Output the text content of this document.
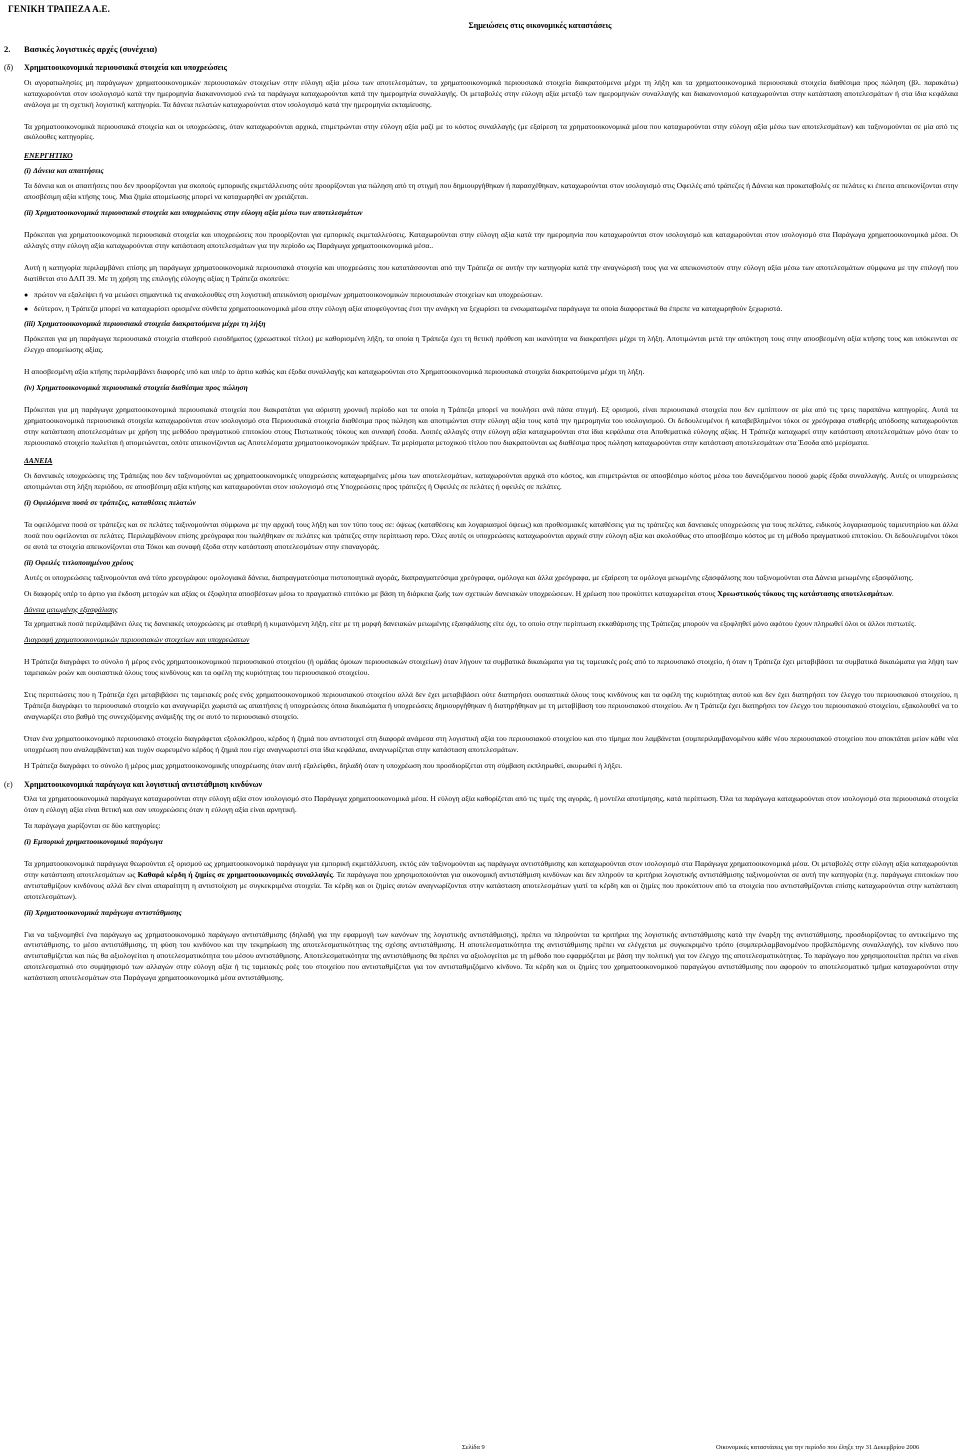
ΓΕΝΙΚΗ ΤΡΑΠΕΖΑ Α.Ε.
Σημειώσεις στις οικονομικές καταστάσεις
2. Βασικές λογιστικές αρχές (συνέχεια)
(δ) Χρηματοοικονομικά περιουσιακά στοιχεία και υποχρεώσεις
Οι αγοραπωλησίες μη παράγωγων χρηματοοικονομικών περιουσιακών στοιχείων στην εύλογη αξία μέσω των αποτελεσμάτων, τα χρηματοοικονομικά περιουσιακά στοιχεία διακρατούμενα μέχρι τη λήξη και τα χρηματοοικονομικά περιουσιακά στοιχεία διαθέσιμα προς πώληση (βλ. παρακάτω) καταχωρούνται στον ισολογισμό κατά την ημερομηνία διακανονισμού ενώ τα παράγωγα καταχωρούνται κατά την ημερομηνία συναλλαγής. Οι μεταβολές στην εύλογη αξία μεταξύ των ημερομηνιών συναλλαγής και διακανονισμού καταχωρούνται στην κατάσταση αποτελεσμάτων ή στα ίδια κεφάλαια ανάλογα με τη σχετική λογιστική κατηγορία. Τα δάνεια πελατών καταχωρούνται στον ισολογισμό κατά την ημερομηνία εκταμίευσης.
Τα χρηματοοικονομικά περιουσιακά στοιχεία και οι υποχρεώσεις, όταν καταχωρούνται αρχικά, επιμετρώνται στην εύλογη αξία μαζί με το κόστος συναλλαγής (με εξαίρεση τα χρηματοοικονομικά μέσα που καταχωρούνται στην εύλογη αξία μέσω των αποτελεσμάτων) και ταξινομούνται σε μία από τις ακόλουθες κατηγορίες.
ΕΝΕΡΓΗΤΙΚΟ
(i) Δάνεια και απαιτήσεις
Τα δάνεια και οι απαιτήσεις που δεν προορίζονται για σκοπούς εμπορικής εκμετάλλευσης ούτε προορίζονται για πώληση από τη στιγμή που δημιουργήθηκαν ή παρασχέθηκαν, καταχωρούνται στον ισολογισμό στις Οφειλές από τράπεζες ή Δάνεια και προκαταβολές σε πελάτες κι έπειτα απεικονίζονται στην αποσβέσιμη αξία κτήσης τους. Μια ζημία απομείωσης μπορεί να καταχωρηθεί αν χρειάζεται.
(ii) Χρηματοοικονομικά περιουσιακά στοιχεία και υποχρεώσεις στην εύλογη αξία μέσω των αποτελεσμάτων
Πρόκειται για χρηματοοικονομικά περιουσιακά στοιχεία και υποχρεώσεις που προορίζονται για εμπορικές εκμεταλλεύσεις. Καταχωρούνται στην εύλογη αξία κατά την ημερομηνία που καταχωρούνται στον ισολογισμό και καταχωρούνται στον ισολογισμό στα Παράγωγα χρηματοοικονομικά μέσα. Οι αλλαγές στην εύλογη αξία καταχωρούνται στην κατάσταση αποτελεσμάτων για την περίοδο ως Παράγωγα χρηματοοικονομικά μέσα..
Αυτή η κατηγορία περιλαμβάνει επίσης μη παράγωγα χρηματοοικονομικά περιουσιακά στοιχεία και υποχρεώσεις που κατατάσσονται από την Τράπεζα σε αυτήν την κατηγορία κατά την αναγνώρισή τους για να απεικονιστούν στην εύλογη αξία μέσω των αποτελεσμάτων σύμφωνα με την επιλογή που διατίθεται στο ΔΛΠ 39. Με τη χρήση της επιλογής εύλογης αξίας η Τράπεζα σκοπεύει:
● πρώτον να εξαλείψει ή να μειώσει σημαντικά τις ανακολουθίες στη λογιστική απεικόνιση ορισμένων χρηματοοικονομικών περιουσιακών στοιχείων και υποχρεώσεων.
● δεύτερον, η Τράπεζα μπορεί να καταχωρίσει ορισμένα σύνθετα χρηματοοικονομικά μέσα στην εύλογη αξία αποφεύγοντας έτσι την ανάγκη να ξεχωρίσει τα ενσωματωμένα παράγωγα τα οποία διαφορετικά θα έπρεπε να καταχωρηθούν ξεχωριστά.
(iii) Χρηματοοικονομικά περιουσιακά στοιχεία διακρατούμενα μέχρι τη λήξη
Πρόκειται για μη παράγωγα περιουσιακά στοιχεία σταθερού εισοδήματος (χρεωστικοί τίτλοι) με καθορισμένη λήξη, τα οποία η Τράπεζα έχει τη θετική πρόθεση και ικανότητα να διακρατήσει μέχρι τη λήξη. Αποτιμώνται μετά την απόκτηση τους στην αποσβεσμένη αξία κτήσης τους και υπόκεινται σε έλεγχο απομείωσης αξίας.
Η αποσβεσμένη αξία κτήσης περιλαμβάνει διαφορές υπό και υπέρ το άρτιο καθώς και έξοδα συναλλαγής και καταχωρούνται στο Χρηματοοικονομικά περιουσιακά στοιχεία διακρατούμενα μέχρι τη λήξη.
(iv) Χρηματοοικονομικά περιουσιακά στοιχεία διαθέσιμα προς πώληση
Πρόκειται για μη παράγωγα χρηματοοικονομικά περιουσιακά στοιχεία που διακρατάται για αόριστη χρονική περίοδο και τα οποία η Τράπεζα μπορεί να πουλήσει ανά πάσα στιγμή. Εξ ορισμού, είναι περιουσιακά στοιχεία που δεν εμπίπτουν σε μία από τις τρεις παραπάνω κατηγορίες. Αυτά τα χρηματοοικονομικά περιουσιακά στοιχεία καταχωρούνται στον ισολογισμό στα Περιουσιακά στοιχεία διαθέσιμα προς πώληση και αποτιμώνται στην εύλογη αξία τους κατά την ημερομηνία του ισολογισμού. Οι δεδουλευμένοι ή καταβεβλημένοι τόκοι σε χρεόγραφα σταθερής απόδοσης καταχωρούνται στην κατάσταση αποτελεσμάτων με χρήση της μεθόδου πραγματικού επιτοκίου στους Πιστωτικούς τόκους και συναφή έσοδα. Λοιπές αλλαγές στην εύλογη αξία καταχωρούνται στα ίδια κεφάλαια στα Αποθεματικά εύλογης αξίας. Η Τράπεζα καταχωρεί στην κατάσταση αποτελεσμάτων μόνο όταν το περιουσιακό στοιχείο πωλείται ή απομειώνεται, οπότε απεικονίζονται ως Αποτελέσματα χρηματοοικονομικών πράξεων. Τα μερίσματα μετοχικού τίτλου που διακρατούνται ως διαθέσιμα προς πώληση καταχωρούνται στην κατάσταση αποτελεσμάτων στα Έσοδα από μερίσματα.
ΔΑΝΕΙΑ
Οι δανειακές υποχρεώσεις της Τράπεζας που δεν ταξινομούνται ως χρηματοοικονομικές υποχρεώσεις καταχωρημένες μέσω των αποτελεσμάτων, καταχωρούνται αρχικά στο κόστος, και επιμετρώνται σε αποσβέσιμο κόστος μέσω του δανειζόμενου ποσού χωρίς έξοδα συναλλαγής. Αυτές οι υποχρεώσεις αποτιμώνται στη λήξη περιόδου, σε αποσβέσιμη αξία κτήσης και καταχωρούνται στον ισολογισμό στις Υποχρεώσεις προς τράπεζες ή Οφειλές σε πελάτες ή οφειλές σε πελάτες.
(i) Οφειλόμενα ποσά σε τράπεζες, καταθέσεις πελατών
Τα οφειλόμενα ποσά σε τράπεζες και σε πελάτες ταξινομούνται σύμφωνα με την αρχική τους λήξη και τον τύπο τους σε: όψεως (καταθέσεις και λογαριασμοί όψεως) και προθεσμιακές καταθέσεις για τις τράπεζες και δανειακές υποχρεώσεις για τους πελάτες, ειδικούς λογαριασμούς ταμιευτηρίου και άλλα ποσά που οφείλονται σε πελάτες. Περιλαμβάνουν επίσης χρεόγραφα που πωλήθηκαν σε πελάτες και τράπεζες στην περίπτωση repo. Όλες αυτές οι υποχρεώσεις καταχωρούνται αρχικά στην εύλογη αξία και ακολούθως στο αποσβέσιμο κόστος με τη μέθοδο πραγματικού επιτοκίου. Οι δεδουλευμένοι τόκοι σε αυτά τα στοιχεία απεικονίζονται στα Τόκοι και συναφή έξοδα στην κατάσταση αποτελεσμάτων στην επαναγοράς.
(ii) Οφειλές τιτλοποιημένου χρέους
Αυτές οι υποχρεώσεις ταξινομούνται ανά τύπο χρεογράφου: ομολογιακά δάνεια, διαπραγματεύσιμα πιστοποιητικά αγοράς, διαπραγματεύσιμα χρεόγραφα, ομόλογα και άλλα χρεόγραφα, με εξαίρεση τα ομόλογα μειωμένης εξασφάλισης που ταξινομούνται στα Δάνεια μειωμένης εξασφάλισης.
Οι διαφορές υπέρ το άρτιο για έκδοση μετοχών και αξίας οι έξοφλητα αποσβέσεων μέσω το πραγματικό επιτόκιο με βάση τη διάρκεια ζωής των σχετικών δανειακών υποχρεώσεων. Η χρέωση που προκύπτει καταχωρείται στους Χρεωστικούς τόκους της κατάστασης αποτελεσμάτων.
Δάνεια μειωμένης εξασφάλισης
Τα χρηματικά ποσά περιλαμβάνει όλες τις δανειακές υποχρεώσεις με σταθερή ή κυμαινόμενη λήξη, είτε με τη μορφή δανειακών μειωμένης εξασφάλισης είτε όχι, το οποίο στην περίπτωση εκκαθάρισης της Τράπεζας μπορούν να εξοφληθεί μόνο αφότου έχουν πληρωθεί όλοι οι άλλοι πιστωτές.
Διαγραφή χρηματοοικονομικών περιουσιακών στοιχείων και υποχρεώσεων
Η Τράπεζα διαγράφει το σύνολο ή μέρος ενός χρηματοοικονομικού περιουσιακού στοιχείου (ή ομάδας όμοιων περιουσιακών στοιχείων) όταν λήγουν τα συμβατικά δικαιώματα για τις ταμειακές ροές από το περιουσιακό στοιχείο, ή όταν η Τράπεζα έχει μεταβιβάσει τα συμβατικά δικαιώματα για λήψη των ταμειακών ροών και ουσιαστικά όλους τους κινδύνους και τα οφέλη της κυριότητας του περιουσιακού στοιχείου.
Στις περιπτώσεις που η Τράπεζα έχει μεταβιβάσει τις ταμειακές ροές ενός χρηματοοικονομικού περιουσιακού στοιχείου αλλά δεν έχει μεταβιβάσει ούτε διατηρήσει ουσιαστικά όλους τους κινδύνους και τα οφέλη της κυριότητας αυτού και δεν έχει διατηρήσει τον έλεγχο του περιουσιακού στοιχείου, η Τράπεζα διαγράφει το περιουσιακό στοιχείο και αναγνωρίζει χωριστά ως απαιτήσεις ή υποχρεώσεις όποια δικαιώματα ή υποχρεώσεις δημιουργήθηκαν ή διατηρήθηκαν με τη μεταβίβαση του περιουσιακού στοιχείου. Αν η Τράπεζα έχει διατηρήσει τον έλεγχο του περιουσιακού στοιχείου, εξακολουθεί να το αναγνωρίζει στο βαθμό της συνεχιζόμενης ανάμιξής της σε αυτό το περιουσιακό στοιχείο.
Όταν ένα χρηματοοικονομικό περιουσιακό στοιχείο διαγράφεται εξολοκλήρου, κέρδος ή ζημιά που αντιστοιχεί στη διαφορά ανάμεσα στη λογιστική αξία του περιουσιακού στοιχείου και στο τίμημα που λαμβάνεται (συμπεριλαμβανομένου κάθε νέου περιουσιακού στοιχείου που αποκτάται μείον κάθε νέα υποχρέωση που αναλαμβάνεται) και τυχόν σωρευμένο κέρδος ή ζημιά που είχε αναγνωριστεί στα ίδια κεφάλαια, αναγνωρίζεται στην κατάσταση αποτελεσμάτων.
Η Τράπεζα διαγράφει το σύνολο ή μέρος μιας χρηματοοικονομικής υποχρέωσης όταν αυτή εξαλείφθει, δηλαδή όταν η υποχρέωση που προσδιορίζεται στη σύμβαση εκπληρωθεί, ακυρωθεί ή λήξει.
(ε) Χρηματοοικονομικά παράγωγα και λογιστική αντιστάθμιση κινδύνων
Όλα τα χρηματοοικονομικά παράγωγα καταχωρούνται στην εύλογη αξία στον ισολογισμό στο Παράγωγα χρηματοοικονομικά μέσα. Η εύλογη αξία καθορίζεται από τις τιμές της αγοράς, ή μοντέλα αποτίμησης, κατά περίπτωση. Όλα τα παράγωγα καταχωρούνται στον ισολογισμό στα περιουσιακά στοιχεία όταν η εύλογη αξία είναι θετική και σαν υποχρεώσεις όταν η εύλογη αξία είναι αρνητική.
Τα παράγωγα χωρίζονται σε δύο κατηγορίες:
(i) Εμπορικά χρηματοοικονομικά παράγωγα
Τα χρηματοοικονομικά παράγωγα θεωρούνται εξ ορισμού ως χρηματοοικονομικά παράγωγα για εμπορική εκμετάλλευση, εκτός εάν ταξινομούνται ως παράγωγα αντιστάθμισης και καταχωρούνται στον ισολογισμό στα Παράγωγα χρηματοοικονομικά μέσα. Οι μεταβολές στην εύλογη αξία καταχωρούνται στην κατάσταση αποτελεσμάτων ως Καθαρά κέρδη ή ζημίες σε χρηματοοικονομικές συναλλαγές. Τα παράγωγα που χρησιμοποιούνται για οικονομική αντιστάθμιση κινδύνων και δεν πληρούν τα κριτήρια λογιστικής αντιστάθμισης ταξινομούνται σε αυτή την κατηγορία (π.χ. παράγωγα επιτοκίων που αντισταθμίζουν κινδύνους αλλά δεν είναι απαραίτητη η αντιστοίχιση με συγκεκριμένα στοιχεία. Τα κέρδη και οι ζημίες αυτών αναγνωρίζονται στην κατάσταση αποτελεσμάτων γιατί τα κέρδη και οι ζημίες που προκύπτουν από τα στοιχεία που αντισταθμίζονται επίσης καταχωρούνται στην κατάσταση αποτελεσμάτων).
(ii) Χρηματοοικονομικά παράγωγα αντιστάθμισης
Για να ταξινομηθεί ένα παράγωγο ως χρηματοοικονομικό παράγωγο αντιστάθμισης (δηλαδή για την εφαρμογή των κανόνων της λογιστικής αντιστάθμισης), πρέπει να πληρούνται τα κριτήρια της λογιστικής αντιστάθμισης κατά την έναρξη της αντιστάθμισης, προσδιορίζοντας το αντικείμενο της αντιστάθμισης, το μέσο αντιστάθμισης, τη φύση του κινδύνου και την τεκμηρίωση της αποτελεσματικότητας της σχέσης αντιστάθμισης. Η αποτελεσματικότητα της αντιστάθμισης πρέπει να ελέγχεται με συγκεκριμένο τρόπο (συμπεριλαμβανομένου προβλεπόμενης συναλλαγής), τον κίνδυνο που αντισταθμίζεται και πώς θα αξιολογείται η αποτελεσματικότητα του μέσου αντιστάθμισης. Αποτελεσματικότητα της αντιστάθμισης θα πρέπει να αξιολογείται με τη μέθοδο που εφαρμόζεται με βάση την πολιτική για τον έλεγχο της αποτελεσματικότητας. Το παράγωγο που χρησιμοποιείται πρέπει να είναι αποτελεσματικό στο συμψηφισμό των αλλαγών στην εύλογη αξία ή τις ταμειακές ροές του στοιχείου που αντισταθμίζεται για τον αντισταθμιζόμενο κίνδυνο. Τα κέρδη και οι ζημίες του χρηματοοικονομικού παραγώγου αντιστάθμισης που αφορούν το αποτελεσματικό τμήμα καταχωρούνται στην κατάσταση αποτελεσμάτων στα Παράγωγα χρηματοοικονομικά μέσα αντιστάθμισης.
Σελίδα 9	Οικονομικές καταστάσεις για την περίοδο που έληξε την 31 Δεκεμβρίου 2006
